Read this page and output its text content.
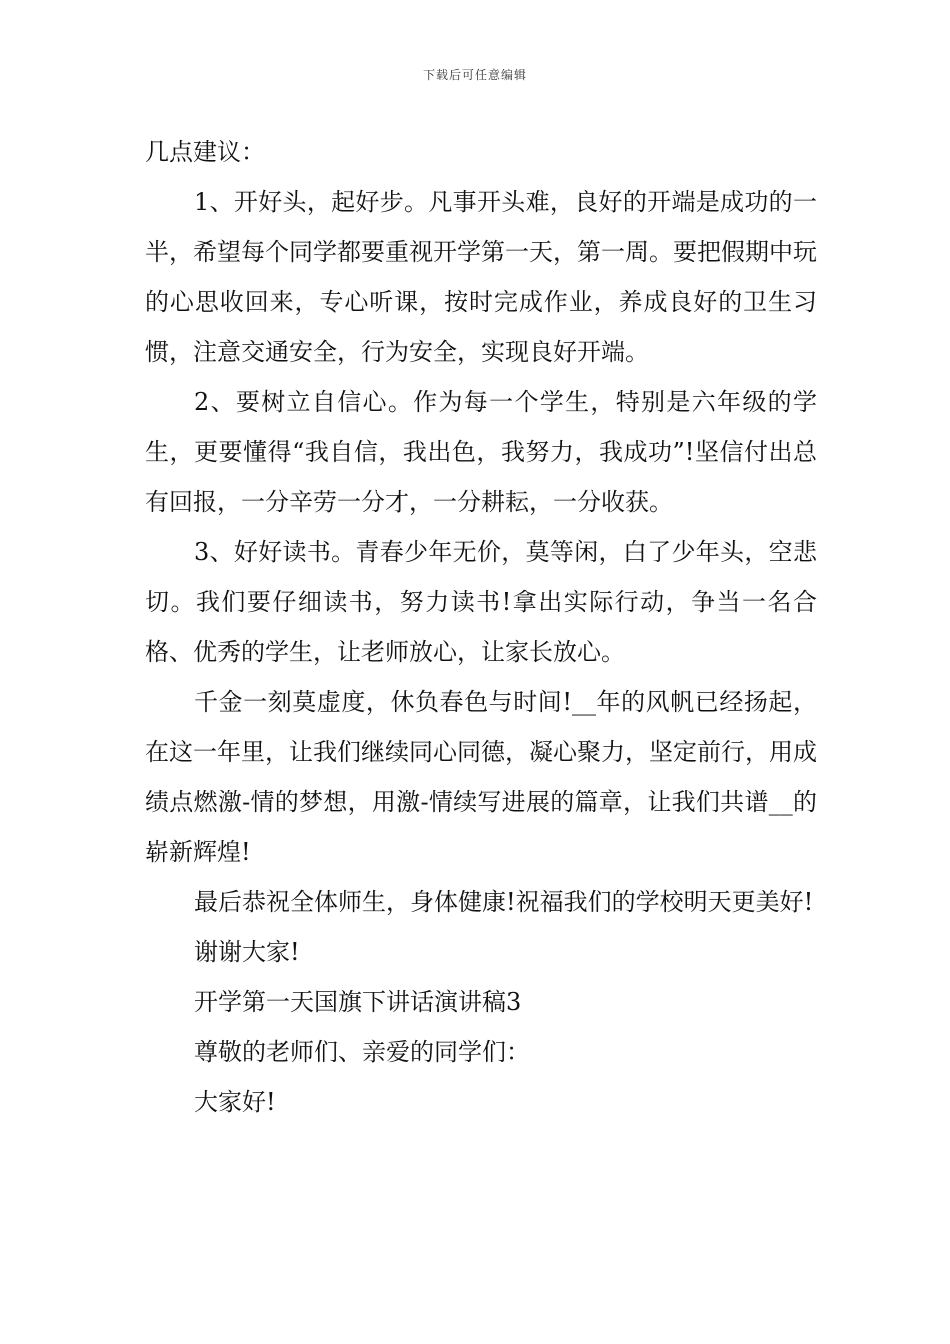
下载后可任意编辑

几点建议：

1、开好头，起好步。凡事开头难，良好的开端是成功的一半，希望每个同学都要重视开学第一天，第一周。要把假期中玩的心思收回来，专心听课，按时完成作业，养成良好的卫生习惯，注意交通安全，行为安全，实现良好开端。

2、要树立自信心。作为每一个学生，特别是六年级的学生，更要懂得“我自信，我出色，我努力，我成功”!坚信付出总有回报，一分辛劳一分才，一分耕耘，一分收获。

3、好好读书。青春少年无价，莫等闲，白了少年头，空悲切。我们要仔细读书，努力读书!拿出实际行动，争当一名合格、优秀的学生，让老师放心，让家长放心。

千金一刻莫虚度，休负春色与时间!__年的风帆已经扬起，在这一年里，让我们继续同心同德，凝心聚力，坚定前行，用成绩点燃激-情的梦想，用激-情续写进展的篇章，让我们共谱__的崭新辉煌!

最后恭祝全体师生，身体健康!祝福我们的学校明天更美好!

谢谢大家!

开学第一天国旗下讲话演讲稿3

尊敬的老师们、亲爱的同学们：

大家好!
